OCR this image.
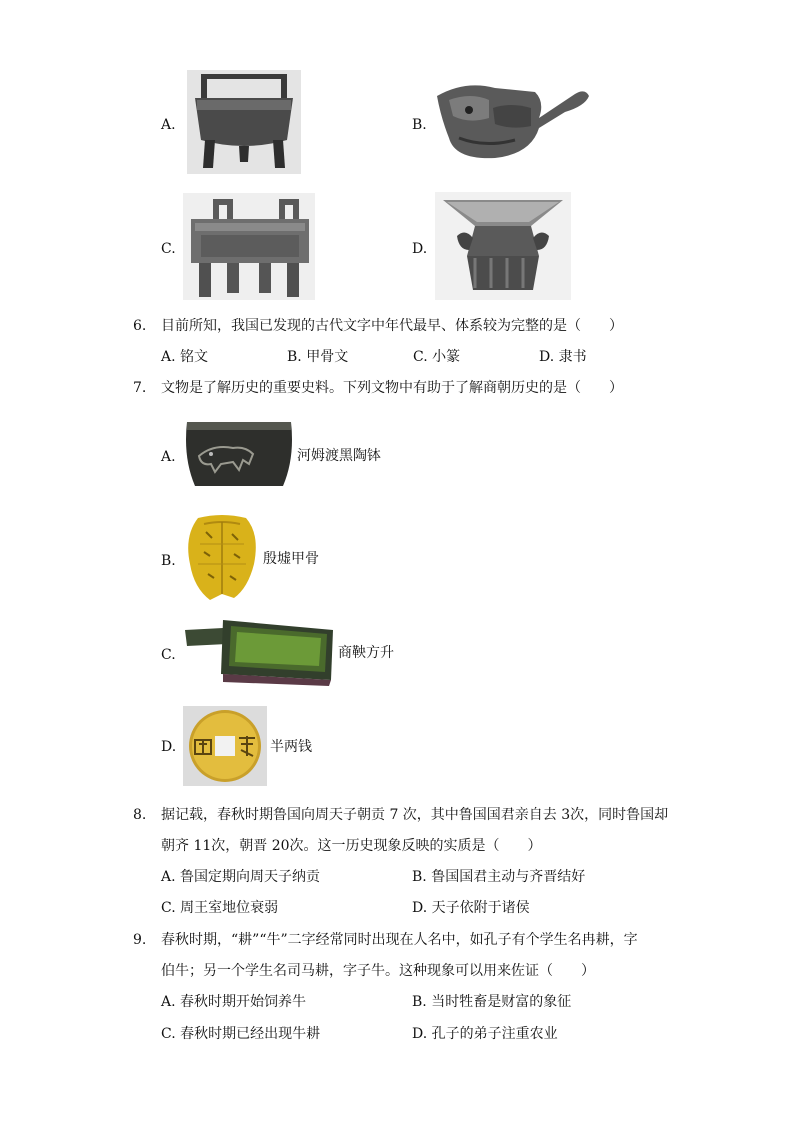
A.	B.
C.	D.
6. 目前所知，我国已发现的古代文字中年代最早、体系较为完整的是（　　）
A. 铭文	B. 甲骨文	C. 小篆	D. 隶书
7. 文物是了解历史的重要史料。下列文物中有助于了解商朝历史的是（　　）
A.	河姆渡黑陶钵
B.	殷墟甲骨
C.	商鞅方升
D.	半两钱
8. 据记载，春秋时期鲁国向周天子朝贡 7 次，其中鲁国国君亲自去 3次，同时鲁国却
朝齐 11次，朝晋 20次。这一历史现象反映的实质是（　　）
A. 鲁国定期向周天子纳贡	B. 鲁国国君主动与齐晋结好
C. 周王室地位衰弱	D. 天子依附于诸侯
9. 春秋时期，“耕”“牛”二字经常同时出现在人名中，如孔子有个学生名冉耕，字
伯牛；另一个学生名司马耕，字子牛。这种现象可以用来佐证（　　）
A. 春秋时期开始饲养牛	B. 当时牲畜是财富的象征
C. 春秋时期已经出现牛耕	D. 孔子的弟子注重农业
